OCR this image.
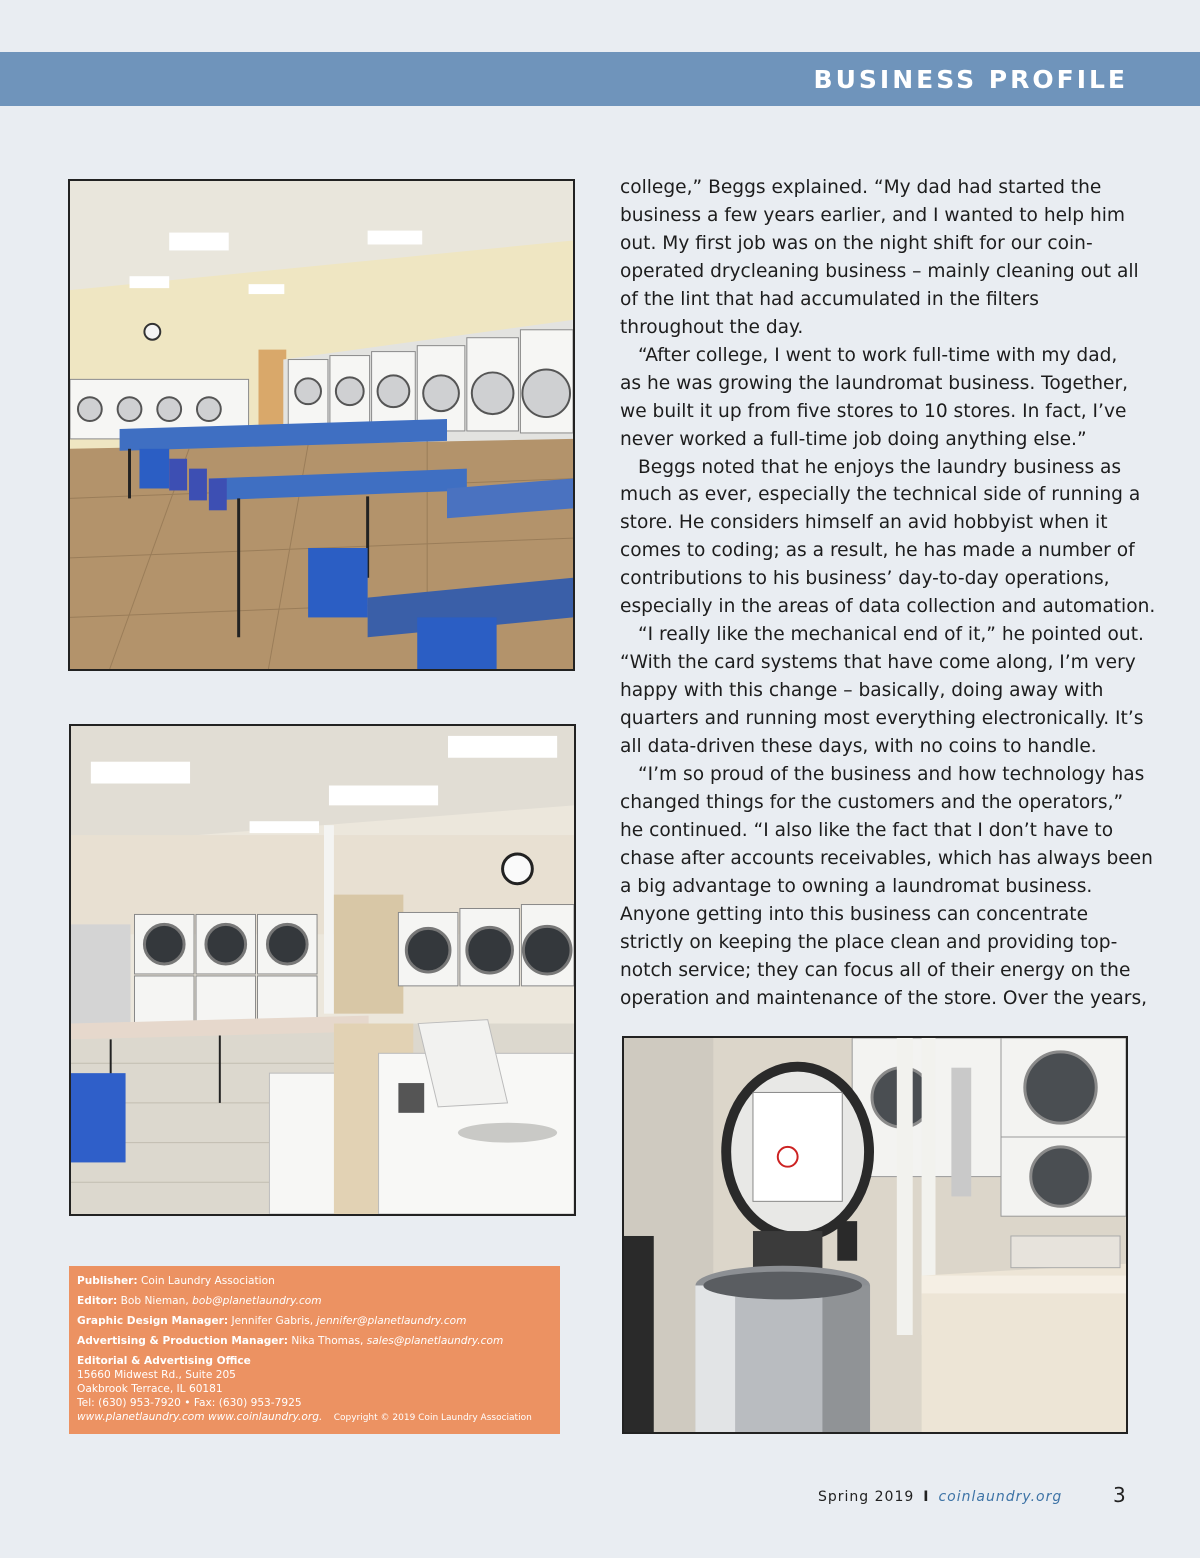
BUSINESS PROFILE
college,” Beggs explained. “My dad had started the
business a few years earlier, and I wanted to help him
out. My first job was on the night shift for our coin-
operated drycleaning business – mainly cleaning out all
of the lint that had accumulated in the filters
throughout the day.
“After college, I went to work full-time with my dad,
as he was growing the laundromat business. Together,
we built it up from five stores to 10 stores. In fact, I’ve
never worked a full-time job doing anything else.”
Beggs noted that he enjoys the laundry business as
much as ever, especially the technical side of running a
store. He considers himself an avid hobbyist when it
comes to coding; as a result, he has made a number of
contributions to his business’ day-to-day operations,
especially in the areas of data collection and automation.
“I really like the mechanical end of it,” he pointed out.
“With the card systems that have come along, I’m very
happy with this change – basically, doing away with
quarters and running most everything electronically. It’s
all data-driven these days, with no coins to handle.
“I’m so proud of the business and how technology has
changed things for the customers and the operators,”
he continued. “I also like the fact that I don’t have to
chase after accounts receivables, which has always been
a big advantage to owning a laundromat business.
Anyone getting into this business can concentrate
strictly on keeping the place clean and providing top-
notch service; they can focus all of their energy on the
operation and maintenance of the store. Over the years,
Publisher: Coin Laundry Association
Editor: Bob Nieman, bob@planetlaundry.com
Graphic Design Manager: Jennifer Gabris, jennifer@planetlaundry.com
Advertising & Production Manager: Nika Thomas, sales@planetlaundry.com
Editorial & Advertising Office
15660 Midwest Rd., Suite 205
Oakbrook Terrace, IL 60181
Tel: (630) 953-7920 • Fax: (630) 953-7925
www.planetlaundry.com www.coinlaundry.org. Copyright © 2019 Coin Laundry Association
Spring 2019 I coinlaundry.org	3
